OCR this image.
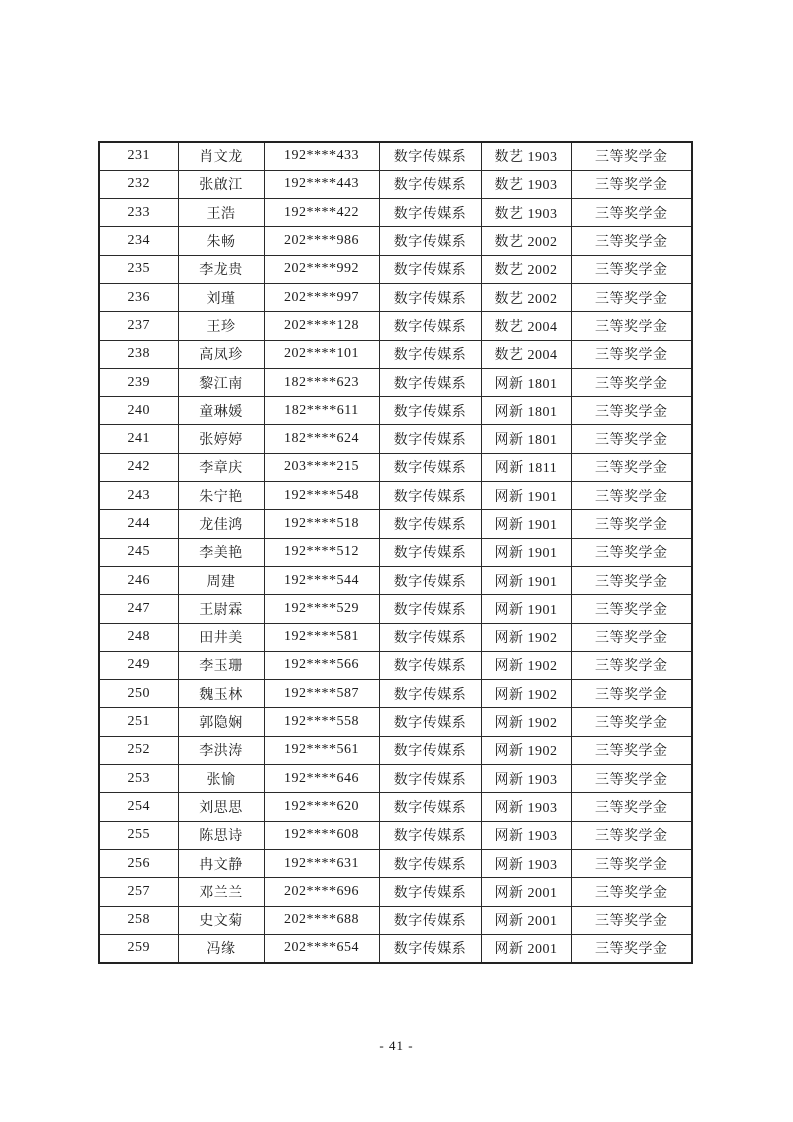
231	肖文龙	192****433	数字传媒系	数艺 1903	三等奖学金
232	张啟江	192****443	数字传媒系	数艺 1903	三等奖学金
233	王浩	192****422	数字传媒系	数艺 1903	三等奖学金
234	朱畅	202****986	数字传媒系	数艺 2002	三等奖学金
235	李龙贵	202****992	数字传媒系	数艺 2002	三等奖学金
236	刘瑾	202****997	数字传媒系	数艺 2002	三等奖学金
237	王珍	202****128	数字传媒系	数艺 2004	三等奖学金
238	高凤珍	202****101	数字传媒系	数艺 2004	三等奖学金
239	黎江南	182****623	数字传媒系	网新 1801	三等奖学金
240	童琳媛	182****611	数字传媒系	网新 1801	三等奖学金
241	张婷婷	182****624	数字传媒系	网新 1801	三等奖学金
242	李章庆	203****215	数字传媒系	网新 1811	三等奖学金
243	朱宁艳	192****548	数字传媒系	网新 1901	三等奖学金
244	龙佳鸿	192****518	数字传媒系	网新 1901	三等奖学金
245	李美艳	192****512	数字传媒系	网新 1901	三等奖学金
246	周建	192****544	数字传媒系	网新 1901	三等奖学金
247	王尉霖	192****529	数字传媒系	网新 1901	三等奖学金
248	田井美	192****581	数字传媒系	网新 1902	三等奖学金
249	李玉珊	192****566	数字传媒系	网新 1902	三等奖学金
250	魏玉林	192****587	数字传媒系	网新 1902	三等奖学金
251	郭隐娴	192****558	数字传媒系	网新 1902	三等奖学金
252	李洪涛	192****561	数字传媒系	网新 1902	三等奖学金
253	张愉	192****646	数字传媒系	网新 1903	三等奖学金
254	刘思思	192****620	数字传媒系	网新 1903	三等奖学金
255	陈思诗	192****608	数字传媒系	网新 1903	三等奖学金
256	冉文静	192****631	数字传媒系	网新 1903	三等奖学金
257	邓兰兰	202****696	数字传媒系	网新 2001	三等奖学金
258	史文菊	202****688	数字传媒系	网新 2001	三等奖学金
259	冯缘	202****654	数字传媒系	网新 2001	三等奖学金
- 41 -
